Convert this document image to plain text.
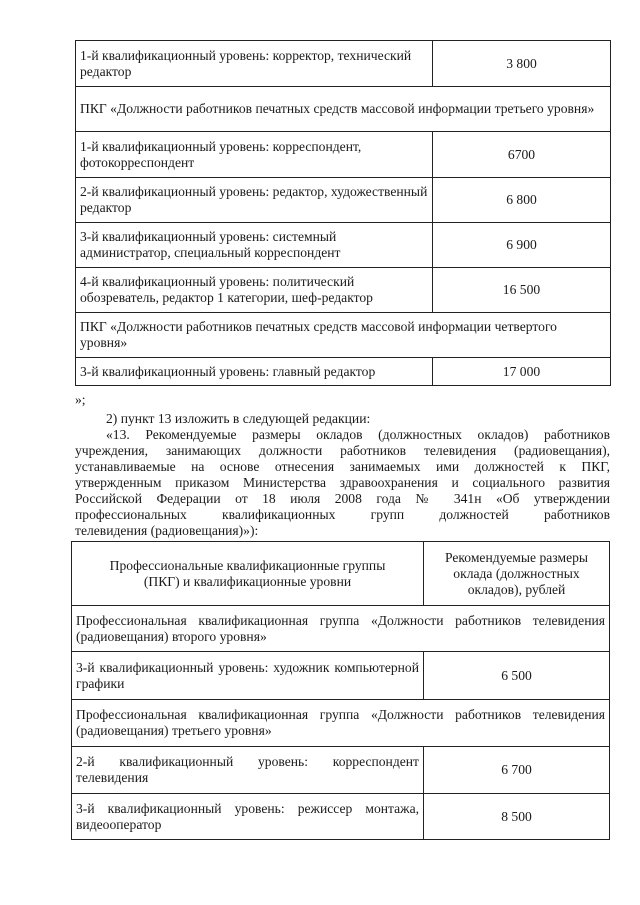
1-й квалификационный уровень: корректор, технический редактор	3 800
ПКГ «Должности работников печатных средств массовой информации третьего уровня»	
1-й квалификационный уровень: корреспондент, фотокорреспондент	6700
2-й квалификационный уровень: редактор, художественный редактор	6 800
3-й квалификационный уровень: системный администратор, специальный корреспондент	6 900
4-й квалификационный уровень: политический обозреватель, редактор 1 категории, шеф-редактор	16 500
ПКГ «Должности работников печатных средств массовой информации четвертого уровня»	
3-й квалификационный уровень: главный редактор	17 000

»;

2) пункт 13 изложить в следующей редакции:

«13. Рекомендуемые размеры окладов (должностных окладов) работников
учреждения, занимающих должности работников телевидения (радиовещания),
устанавливаемые на основе отнесения занимаемых ими должностей к ПКГ,
утвержденным приказом Министерства здравоохранения и социального развития
Российской Федерации от 18 июля 2008 года № 341н «Об утверждении
профессиональных квалификационных групп должностей работников
телевидения (радиовещания)»):
Профессиональные квалификационные группы (ПКГ) и квалификационные уровни	Рекомендуемые размеры оклада (должностных окладов), рублей
Профессиональная квалификационная группа «Должности работников телевидения (радиовещания) второго уровня»	
3-й квалификационный уровень: художник компьютерной графики	6 500
Профессиональная квалификационная группа «Должности работников телевидения (радиовещания) третьего уровня»	
2-й квалификационный уровень: корреспондент телевидения	6 700
3-й квалификационный уровень: режиссер монтажа, видеооператор	8 500
